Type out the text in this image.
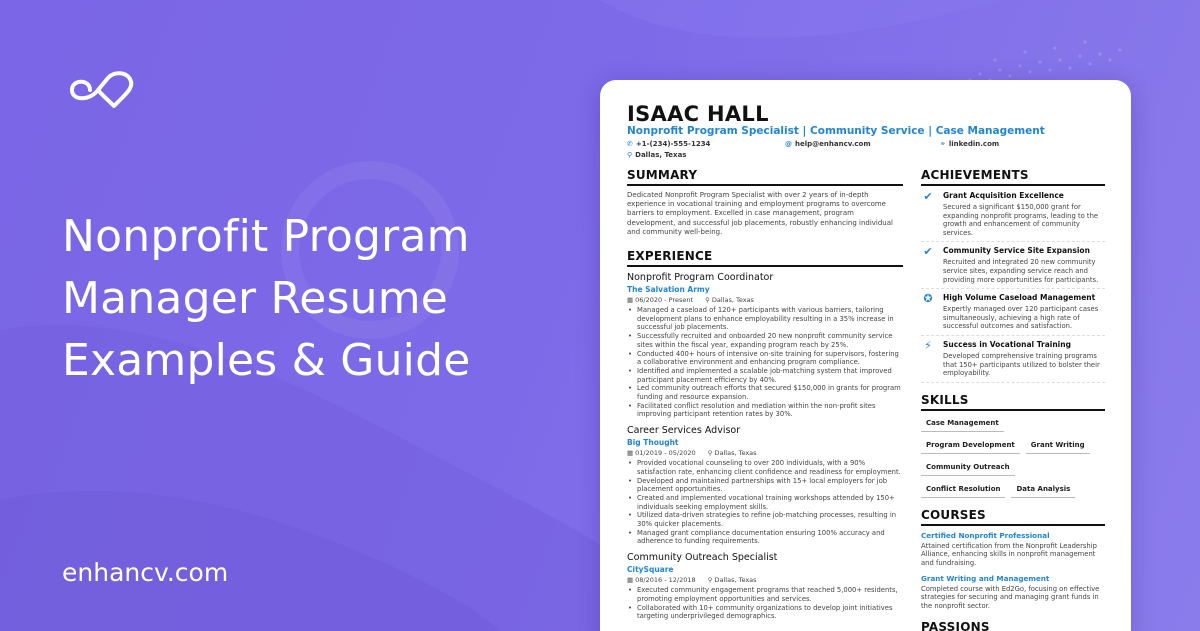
Nonprofit Program
Manager Resume
Examples & Guide
enhancv.com
ISAAC HALL
Nonprofit Program Specialist | Community Service | Case Management
✆ +1-(234)-555-1234	@ help@enhancv.com	⚭ linkedin.com
⚲ Dallas, Texas
SUMMARY

Dedicated Nonprofit Program Specialist with over 2 years of in-depth experience in vocational training and employment programs to overcome barriers to employment. Excelled in case management, program development, and successful job placements, robustly enhancing individual and community well-being.

EXPERIENCE
Nonprofit Program Coordinator
The Salvation Army
▦ 06/2020 - Present ⚲ Dallas, Texas
• Managed a caseload of 120+ participants with various barriers, tailoring development plans to enhance employability resulting in a 35% increase in successful job placements.
• Successfully recruited and onboarded 20 new nonprofit community service sites within the fiscal year, expanding program reach by 25%.
• Conducted 400+ hours of intensive on-site training for supervisors, fostering a collaborative environment and enhancing program compliance.
• Identified and implemented a scalable job-matching system that improved participant placement efficiency by 40%.
• Led community outreach efforts that secured $150,000 in grants for program funding and resource expansion.
• Facilitated conflict resolution and mediation within the non-profit sites improving participant retention rates by 30%.
Career Services Advisor
Big Thought
▦ 01/2019 - 05/2020 ⚲ Dallas, Texas
• Provided vocational counseling to over 200 individuals, with a 90% satisfaction rate, enhancing client confidence and readiness for employment.
• Developed and maintained partnerships with 15+ local employers for job placement opportunities.
• Created and implemented vocational training workshops attended by 150+ individuals seeking employment skills.
• Utilized data-driven strategies to refine job-matching processes, resulting in 30% quicker placements.
• Managed grant compliance documentation ensuring 100% accuracy and adherence to funding requirements.
Community Outreach Specialist
CitySquare
▦ 08/2016 - 12/2018 ⚲ Dallas, Texas
• Executed community engagement programs that reached 5,000+ residents, promoting employment opportunities and services.
• Collaborated with 10+ community organizations to develop joint initiatives targeting underprivileged demographics.
ACHIEVEMENTS
✔	Grant Acquisition Excellence
Secured a significant $150,000 grant for expanding nonprofit programs, leading to the growth and enhancement of community services.
✔	Community Service Site Expansion
Recruited and integrated 20 new community service sites, expanding service reach and providing more opportunities for participants.
✪	High Volume Caseload Management
Expertly managed over 120 participant cases simultaneously, achieving a high rate of successful outcomes and satisfaction.
⚡	Success in Vocational Training
Developed comprehensive training programs that 150+ participants utilized to bolster their employability.
SKILLS
Case Management
Program Development	Grant Writing
Community Outreach
Conflict Resolution	Data Analysis
COURSES
Certified Nonprofit Professional
Attained certification from the Nonprofit Leadership Alliance, enhancing skills in nonprofit management and fundraising.
Grant Writing and Management
Completed course with Ed2Go, focusing on effective strategies for securing and managing grant funds in the nonprofit sector.
PASSIONS
